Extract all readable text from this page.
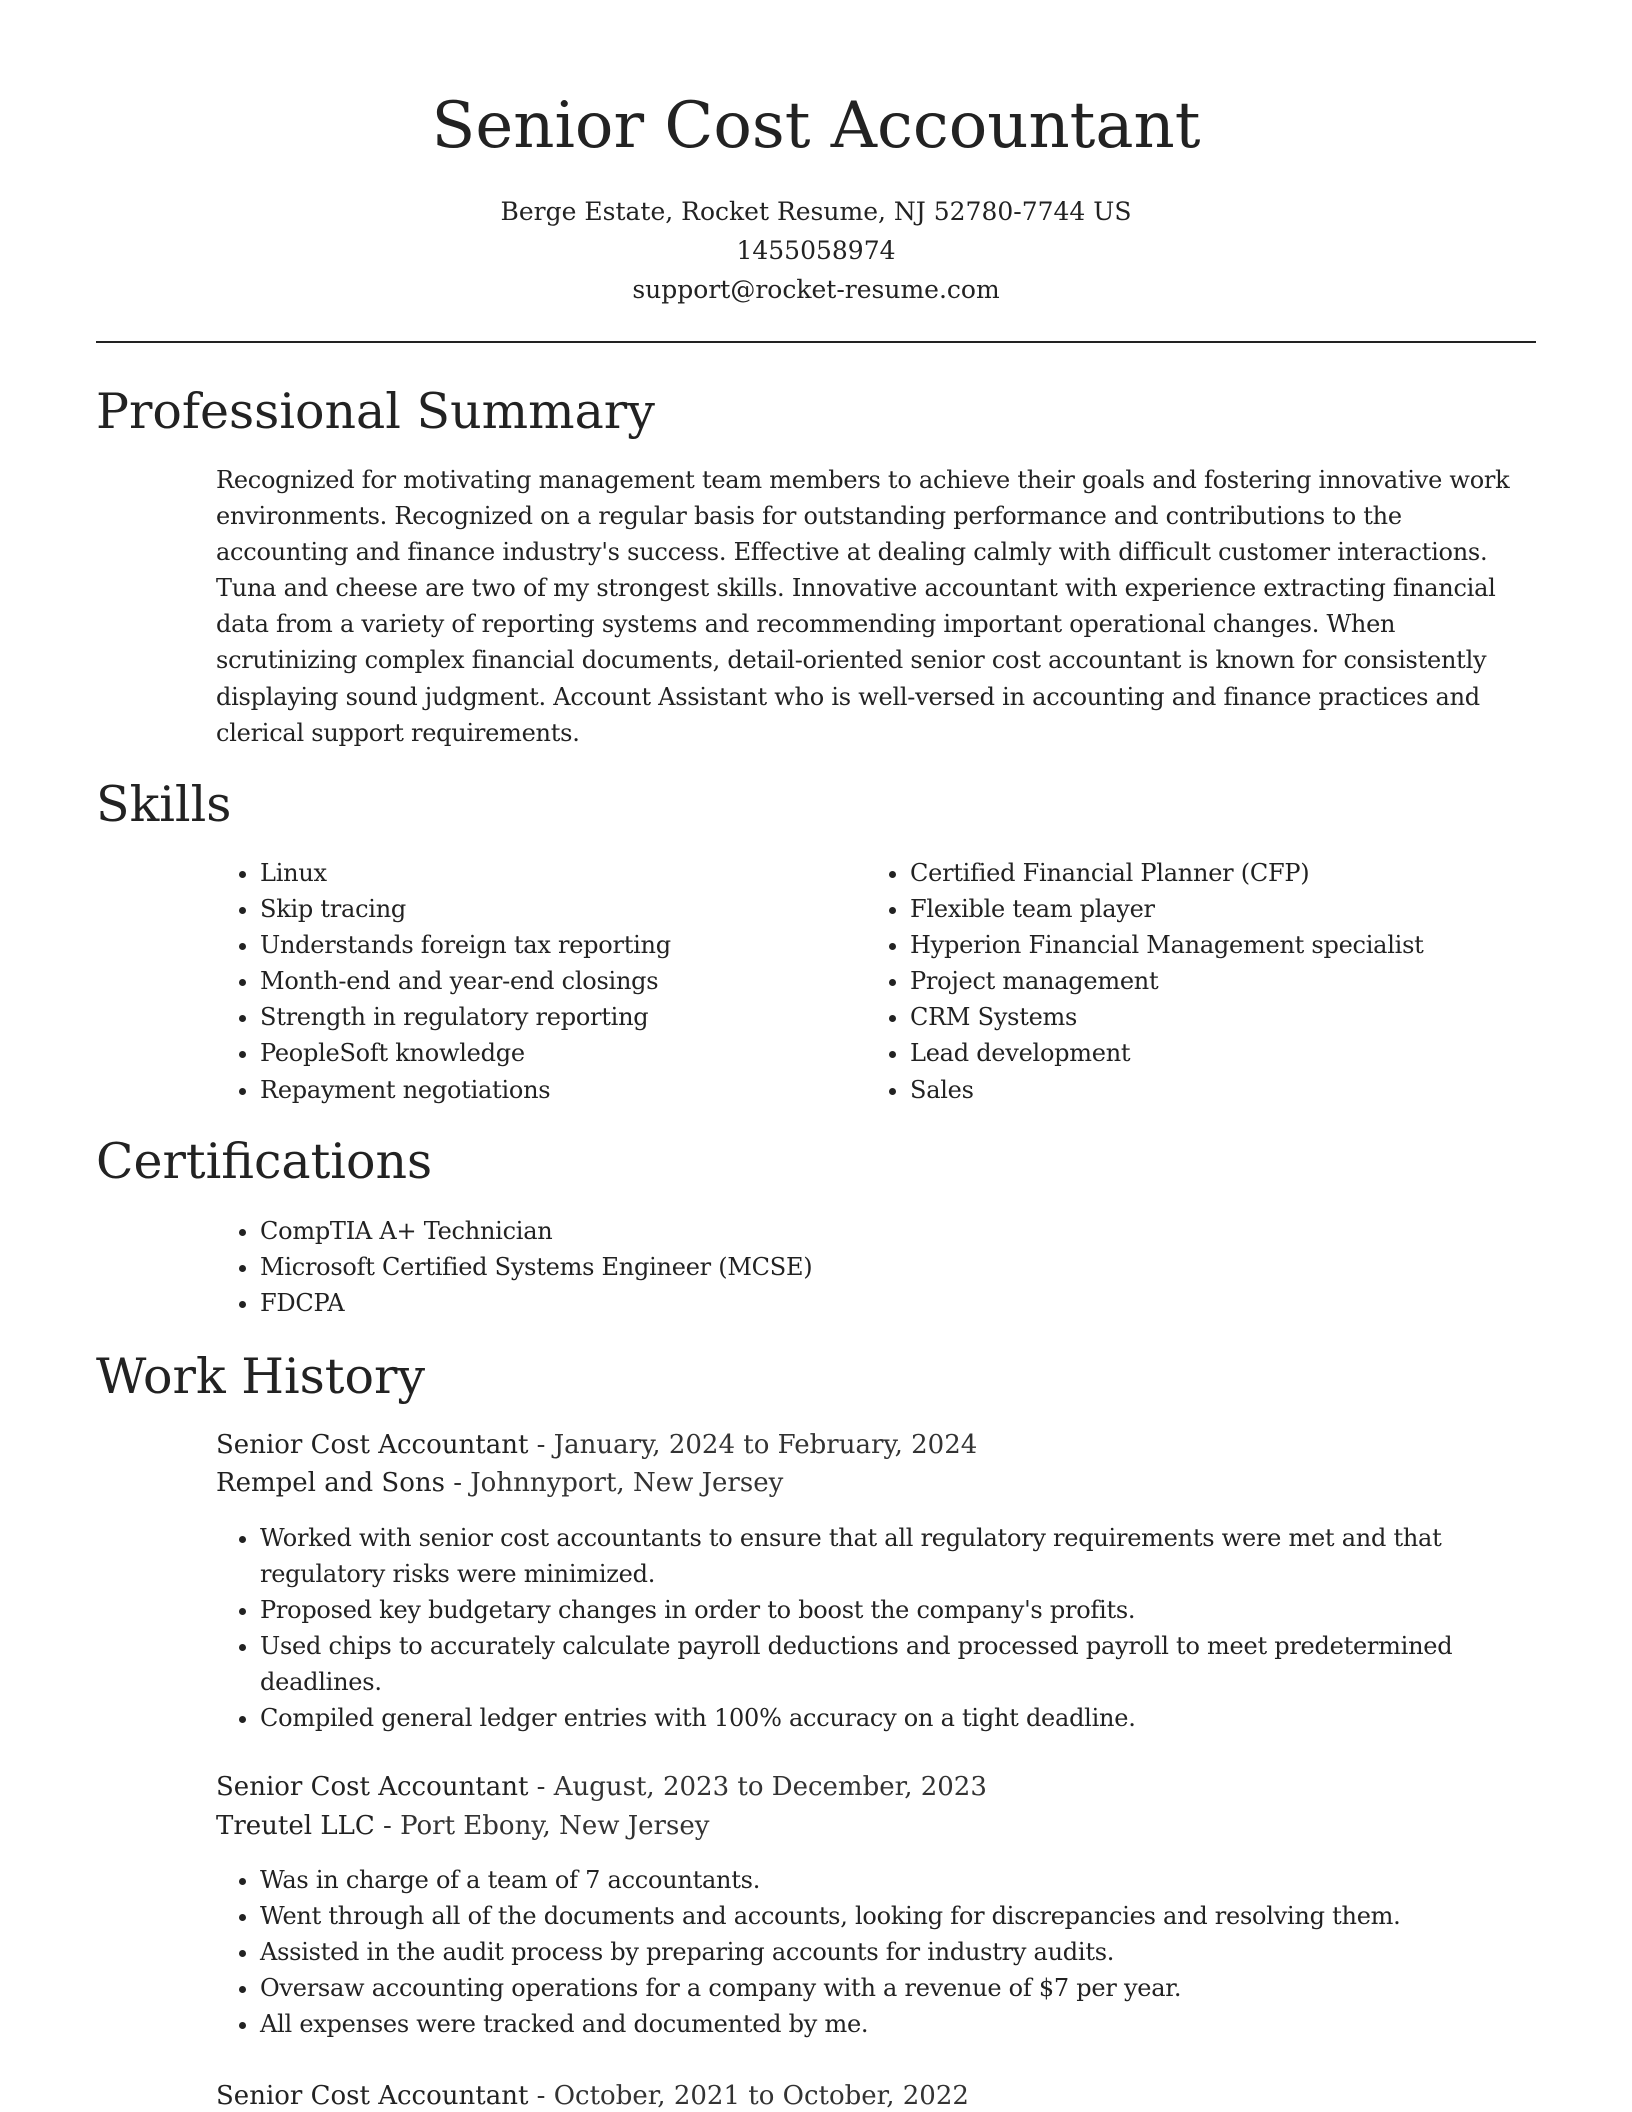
Senior Cost Accountant
Berge Estate, Rocket Resume, NJ 52780-7744 US
1455058974
support@rocket-resume.com
Professional Summary

Recognized for motivating management team members to achieve their goals and fostering innovative work environments. Recognized on a regular basis for outstanding performance and contributions to the accounting and finance industry's success. Effective at dealing calmly with difficult customer interactions. Tuna and cheese are two of my strongest skills. Innovative accountant with experience extracting financial data from a variety of reporting systems and recommending important operational changes. When scrutinizing complex financial documents, detail-oriented senior cost accountant is known for consistently displaying sound judgment. Account Assistant who is well-versed in accounting and finance practices and clerical support requirements.

Skills
• Linux
• Skip tracing
• Understands foreign tax reporting
• Month-end and year-end closings
• Strength in regulatory reporting
• PeopleSoft knowledge
• Repayment negotiations
• Certified Financial Planner (CFP)
• Flexible team player
• Hyperion Financial Management specialist
• Project management
• CRM Systems
• Lead development
• Sales
Certifications
• CompTIA A+ Technician
• Microsoft Certified Systems Engineer (MCSE)
• FDCPA
Work History
Senior Cost Accountant - January, 2024 to February, 2024
Rempel and Sons - Johnnyport, New Jersey
• Worked with senior cost accountants to ensure that all regulatory requirements were met and that regulatory risks were minimized.
• Proposed key budgetary changes in order to boost the company's profits.
• Used chips to accurately calculate payroll deductions and processed payroll to meet predetermined deadlines.
• Compiled general ledger entries with 100% accuracy on a tight deadline.
Senior Cost Accountant - August, 2023 to December, 2023
Treutel LLC - Port Ebony, New Jersey
• Was in charge of a team of 7 accountants.
• Went through all of the documents and accounts, looking for discrepancies and resolving them.
• Assisted in the audit process by preparing accounts for industry audits.
• Oversaw accounting operations for a company with a revenue of $7 per year.
• All expenses were tracked and documented by me.
Senior Cost Accountant - October, 2021 to October, 2022
